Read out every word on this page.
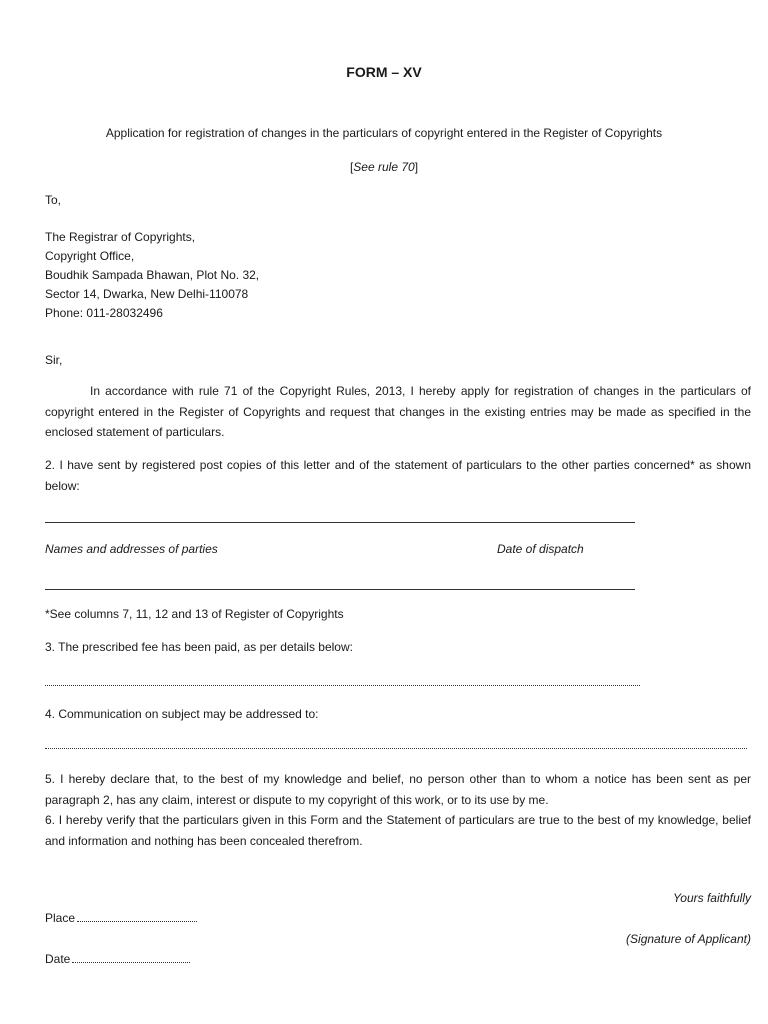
FORM – XV
Application for registration of changes in the particulars of copyright entered in the Register of Copyrights
[See rule 70]
To,
The Registrar of Copyrights,
Copyright Office,
Boudhik Sampada Bhawan, Plot No. 32,
Sector 14, Dwarka, New Delhi-110078
Phone: 011-28032496
Sir,

In accordance with rule 71 of the Copyright Rules, 2013, I hereby apply for registration of changes in the particulars of copyright entered in the Register of Copyrights and request that changes in the existing entries may be made as specified in the enclosed statement of particulars.

2. I have sent by registered post copies of this letter and of the statement of particulars to the other parties concerned* as shown below:

Names and addresses of parties	Date of dispatch
*See columns 7, 11, 12 and 13 of Register of Copyrights
3. The prescribed fee has been paid, as per details below:
4. Communication on subject may be addressed to:

5. I hereby declare that, to the best of my knowledge and belief, no person other than to whom a notice has been sent as per paragraph 2, has any claim, interest or dispute to my copyright of this work, or to its use by me.

6. I hereby verify that the particulars given in this Form and the Statement of particulars are true to the best of my knowledge, belief and information and nothing has been concealed therefrom.

Yours faithfully
Place
(Signature of Applicant)
Date
